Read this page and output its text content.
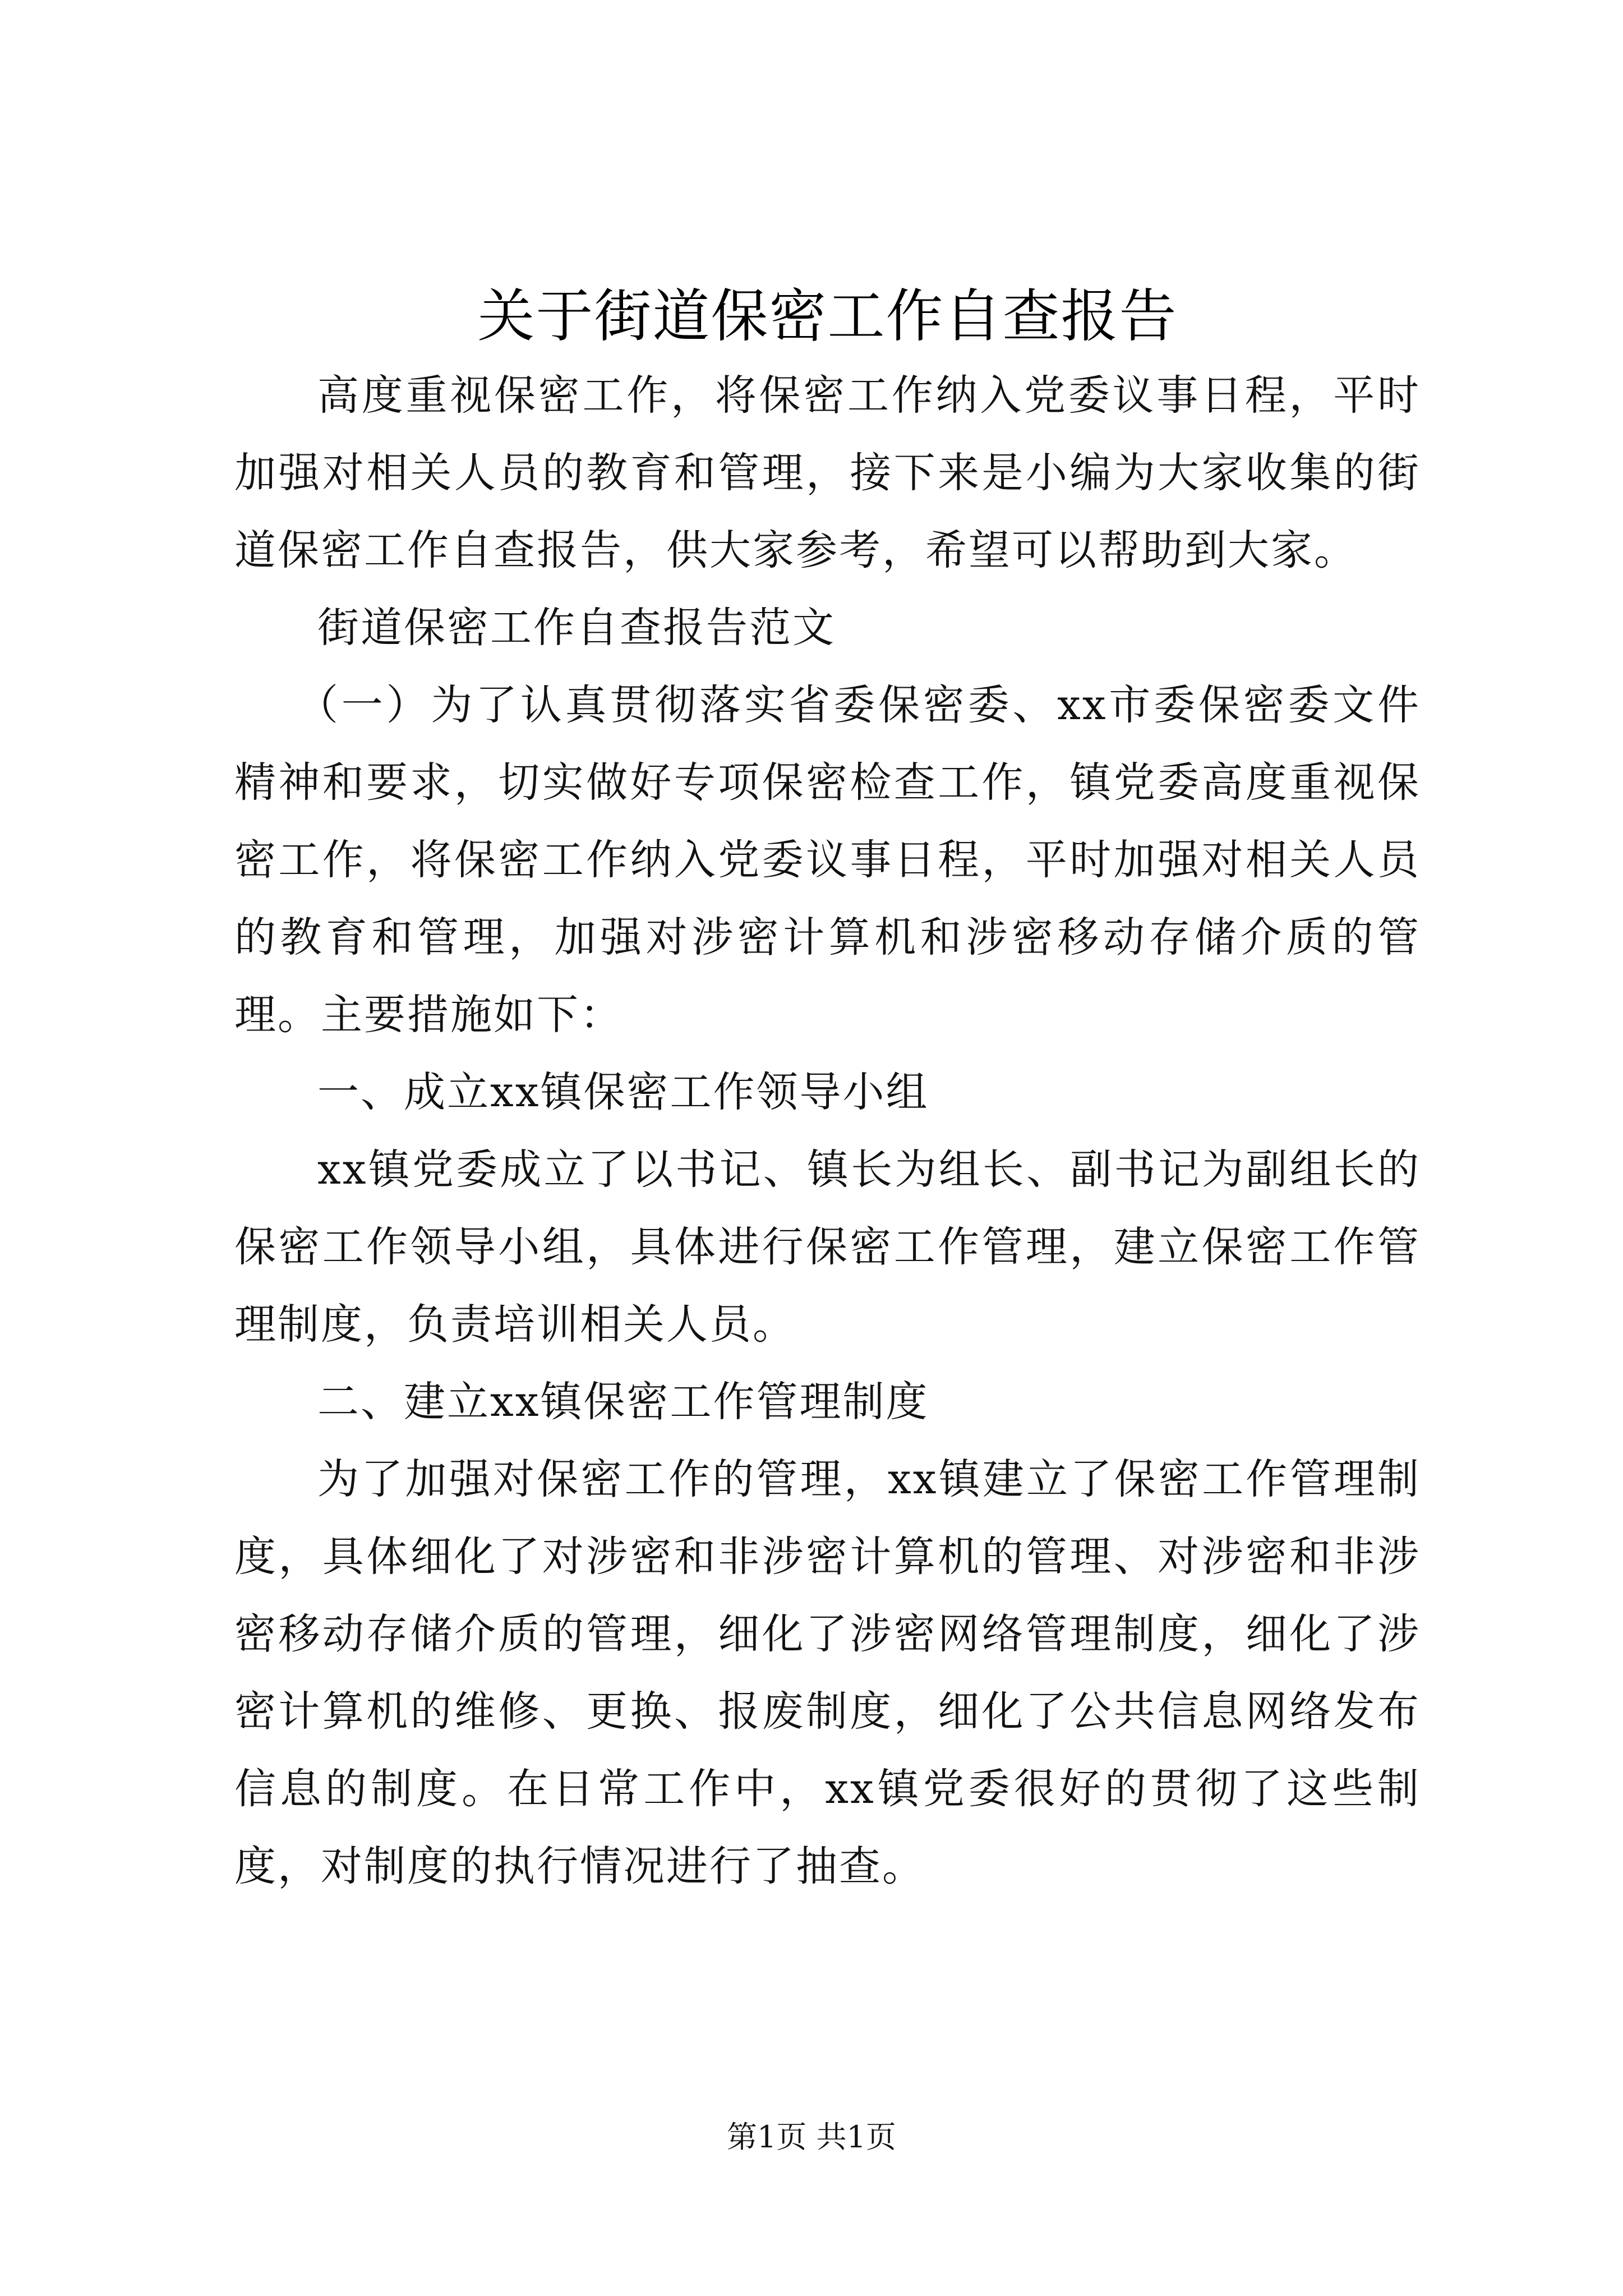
关于街道保密工作自查报告

高度重视保密工作，将保密工作纳入党委议事日程，平时加强对相关人员的教育和管理，接下来是小编为大家收集的街道保密工作自查报告，供大家参考，希望可以帮助到大家。

街道保密工作自查报告范文

（一）为了认真贯彻落实省委保密委、xx市委保密委文件精神和要求，切实做好专项保密检查工作，镇党委高度重视保密工作，将保密工作纳入党委议事日程，平时加强对相关人员的教育和管理，加强对涉密计算机和涉密移动存储介质的管理。主要措施如下：

一、成立xx镇保密工作领导小组

xx镇党委成立了以书记、镇长为组长、副书记为副组长的保密工作领导小组，具体进行保密工作管理，建立保密工作管理制度，负责培训相关人员。

二、建立xx镇保密工作管理制度

为了加强对保密工作的管理，xx镇建立了保密工作管理制度，具体细化了对涉密和非涉密计算机的管理、对涉密和非涉密移动存储介质的管理，细化了涉密网络管理制度，细化了涉密计算机的维修、更换、报废制度，细化了公共信息网络发布信息的制度。在日常工作中，xx镇党委很好的贯彻了这些制度，对制度的执行情况进行了抽查。

第1页 共1页
